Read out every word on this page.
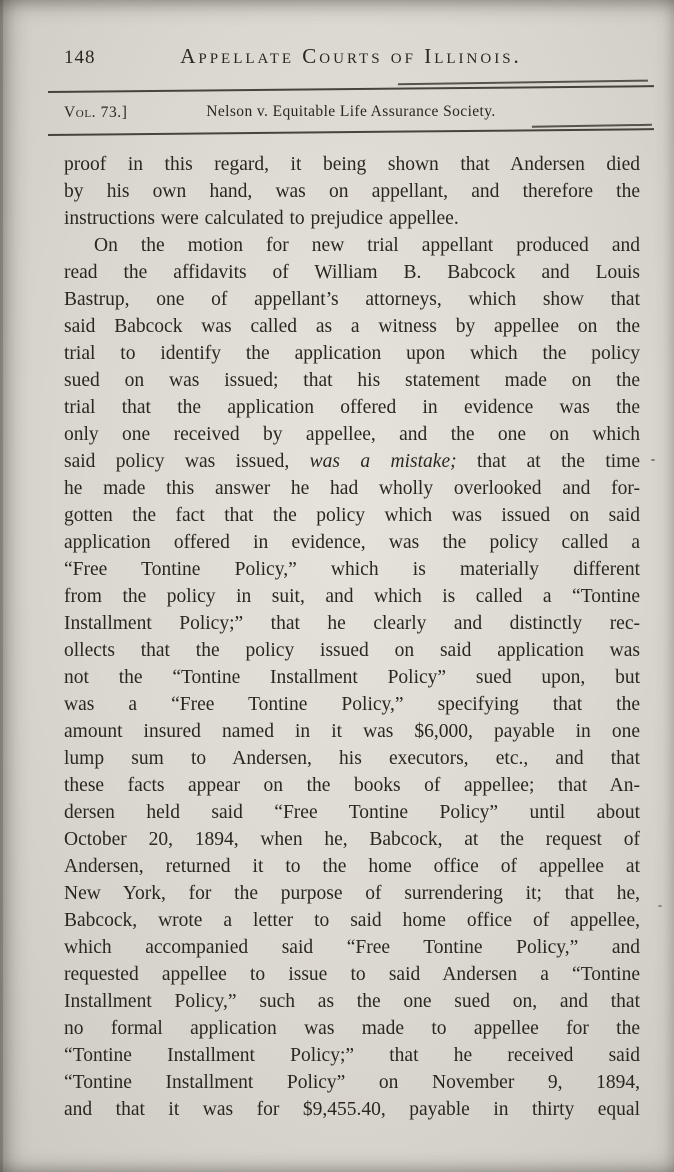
148	Appellate Courts of Illinois.
Vol. 73.]	Nelson v. Equitable Life Assurance Society.
proof in this regard, it being shown that Andersen died
by his own hand, was on appellant, and therefore the
instructions were calculated to prejudice appellee.
On the motion for new trial appellant produced and
read the affidavits of William B. Babcock and Louis
Bastrup, one of appellant’s attorneys, which show that
said Babcock was called as a witness by appellee on the
trial to identify the application upon which the policy
sued on was issued; that his statement made on the
trial that the application offered in evidence was the
only one received by appellee, and the one on which
said policy was issued, was a mistake; that at the time
he made this answer he had wholly overlooked and for-
gotten the fact that the policy which was issued on said
application offered in evidence, was the policy called a
“Free Tontine Policy,” which is materially different
from the policy in suit, and which is called a “Tontine
Installment Policy;” that he clearly and distinctly rec-
ollects that the policy issued on said application was
not the “Tontine Installment Policy” sued upon, but
was a “Free Tontine Policy,” specifying that the
amount insured named in it was $6,000, payable in one
lump sum to Andersen, his executors, etc., and that
these facts appear on the books of appellee; that An-
dersen held said “Free Tontine Policy” until about
October 20, 1894, when he, Babcock, at the request of
Andersen, returned it to the home office of appellee at
New York, for the purpose of surrendering it; that he,
Babcock, wrote a letter to said home office of appellee,
which accompanied said “Free Tontine Policy,” and
requested appellee to issue to said Andersen a “Tontine
Installment Policy,” such as the one sued on, and that
no formal application was made to appellee for the
“Tontine Installment Policy;” that he received said
“Tontine Installment Policy” on November 9, 1894,
and that it was for $9,455.40, payable in thirty equal
